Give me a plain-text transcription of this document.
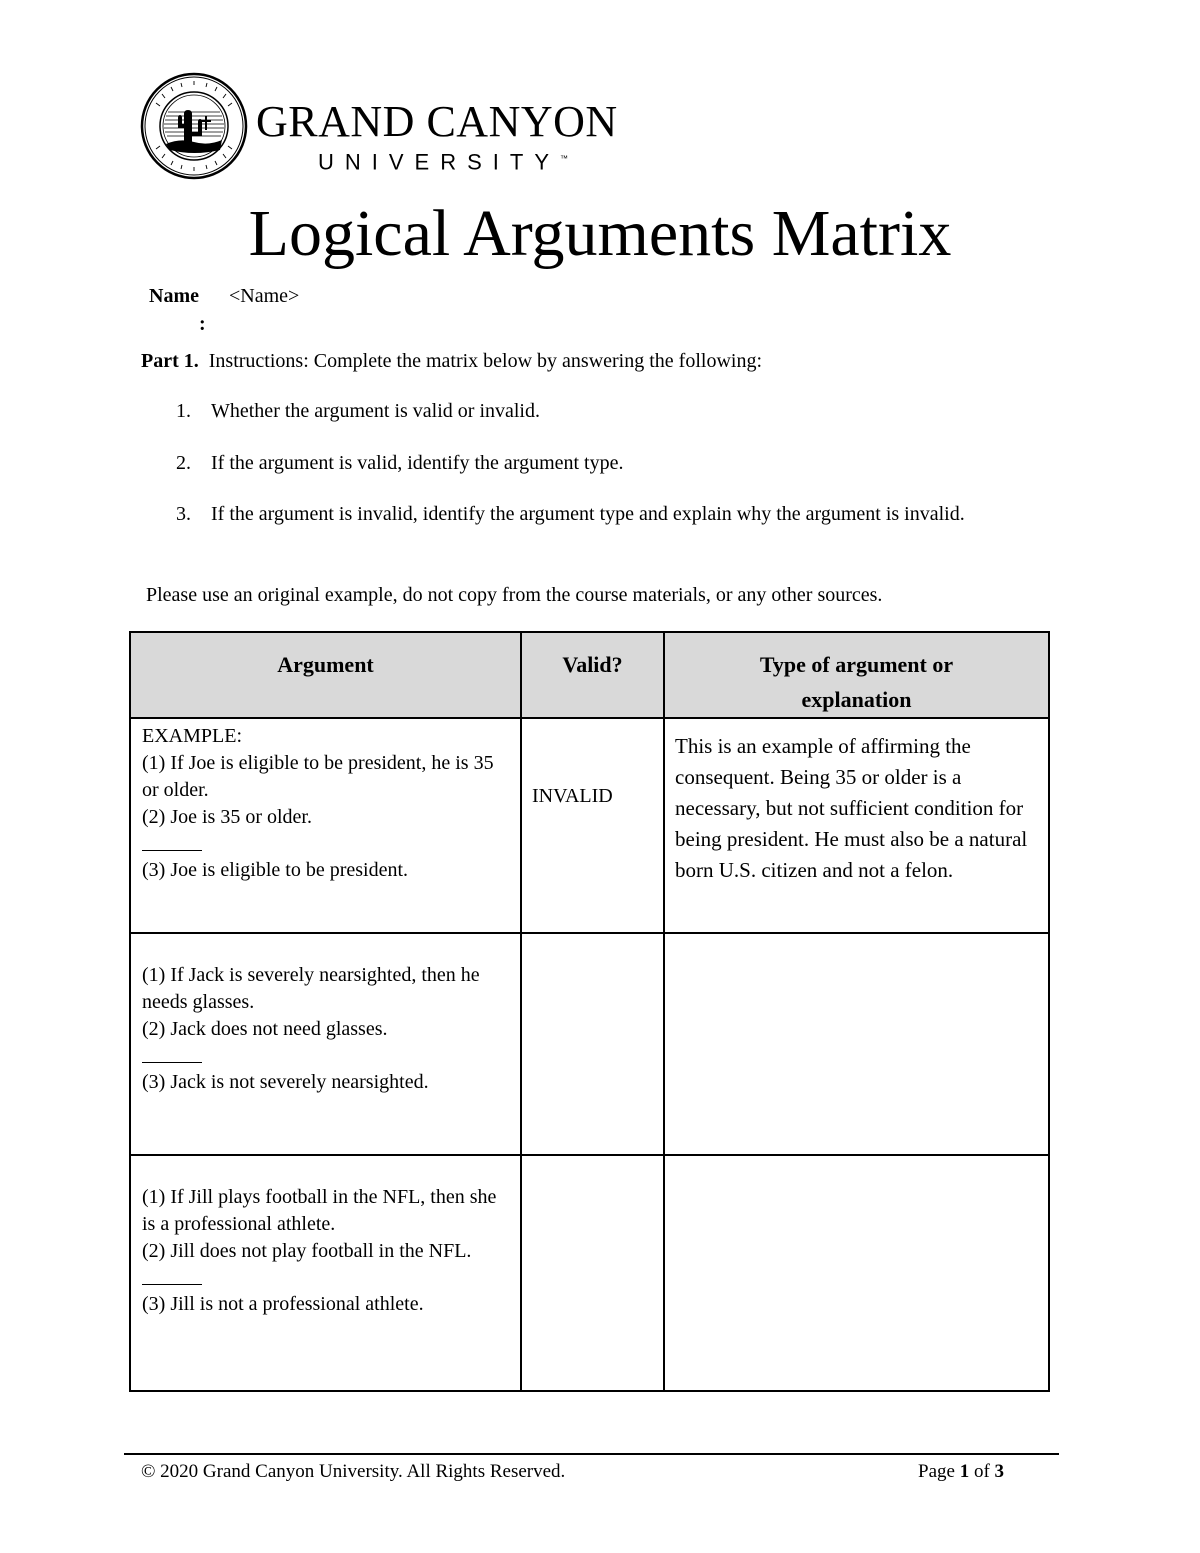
GRAND CANYON
UNIVERSITY™
Logical Arguments Matrix
Name
:
<Name>
Part 1. Instructions: Complete the matrix below by answering the following:
1. Whether the argument is valid or invalid.
2. If the argument is valid, identify the argument type.
3. If the argument is invalid, identify the argument type and explain why the argument is invalid.
Please use an original example, do not copy from the course materials, or any other sources.
Argument	Valid?	Type of argument or explanation

EXAMPLE:
(1) If Joe is eligible to be president, he is 35 or older.
(2) Joe is 35 or older.
(3) Joe is eligible to be president.	INVALID	This is an example of affirming the consequent. Being 35 or older is a necessary, but not sufficient condition for being president. He must also be a natural born U.S. citizen and not a felon.

(1) If Jack is severely nearsighted, then he needs glasses.
(2) Jack does not need glasses.
(3) Jack is not severely nearsighted.		

(1) If Jill plays football in the NFL, then she is a professional athlete.
(2) Jill does not play football in the NFL.
(3) Jill is not a professional athlete.		

© 2020 Grand Canyon University. All Rights Reserved.	Page 1 of 3
